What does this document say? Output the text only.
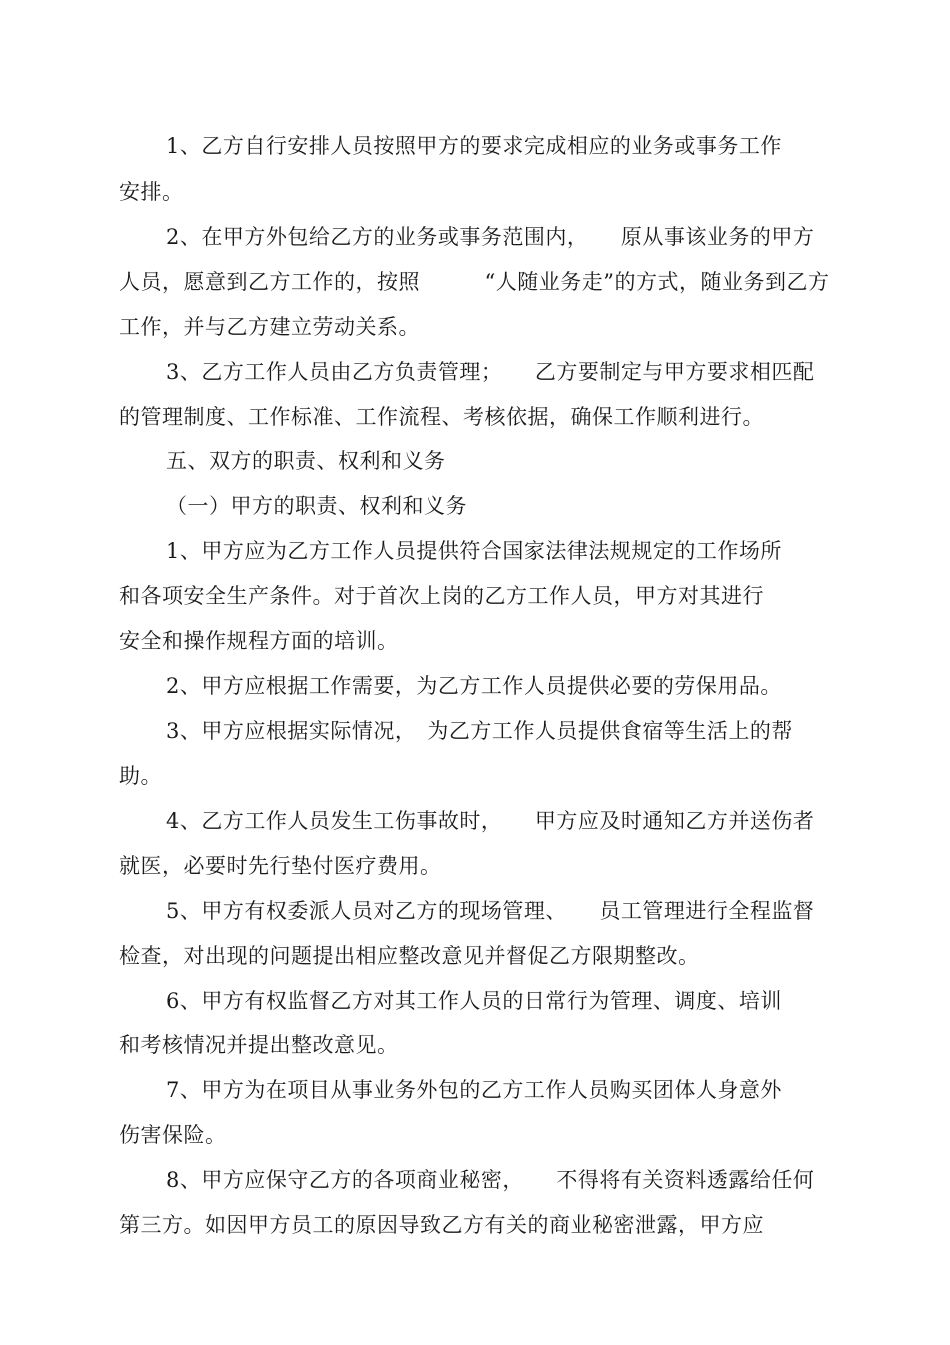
1、乙方自行安排人员按照甲方的要求完成相应的业务或事务工作
安排。
2、在甲方外包给乙方的业务或事务范围内，　　原从事该业务的甲方
人员，愿意到乙方工作的，按照　　　“人随业务走”的方式，随业务到乙方
工作，并与乙方建立劳动关系。
3、乙方工作人员由乙方负责管理；　　乙方要制定与甲方要求相匹配
的管理制度、工作标准、工作流程、考核依据，确保工作顺利进行。
五、双方的职责、权利和义务
（一）甲方的职责、权利和义务
1、甲方应为乙方工作人员提供符合国家法律法规规定的工作场所
和各项安全生产条件。对于首次上岗的乙方工作人员，甲方对其进行
安全和操作规程方面的培训。
2、甲方应根据工作需要，为乙方工作人员提供必要的劳保用品。
3、甲方应根据实际情况，　为乙方工作人员提供食宿等生活上的帮
助。
4、乙方工作人员发生工伤事故时，　　甲方应及时通知乙方并送伤者
就医，必要时先行垫付医疗费用。
5、甲方有权委派人员对乙方的现场管理、　　员工管理进行全程监督
检查，对出现的问题提出相应整改意见并督促乙方限期整改。
6、甲方有权监督乙方对其工作人员的日常行为管理、调度、培训
和考核情况并提出整改意见。
7、甲方为在项目从事业务外包的乙方工作人员购买团体人身意外
伤害保险。
8、甲方应保守乙方的各项商业秘密，　　不得将有关资料透露给任何
第三方。如因甲方员工的原因导致乙方有关的商业秘密泄露，甲方应
